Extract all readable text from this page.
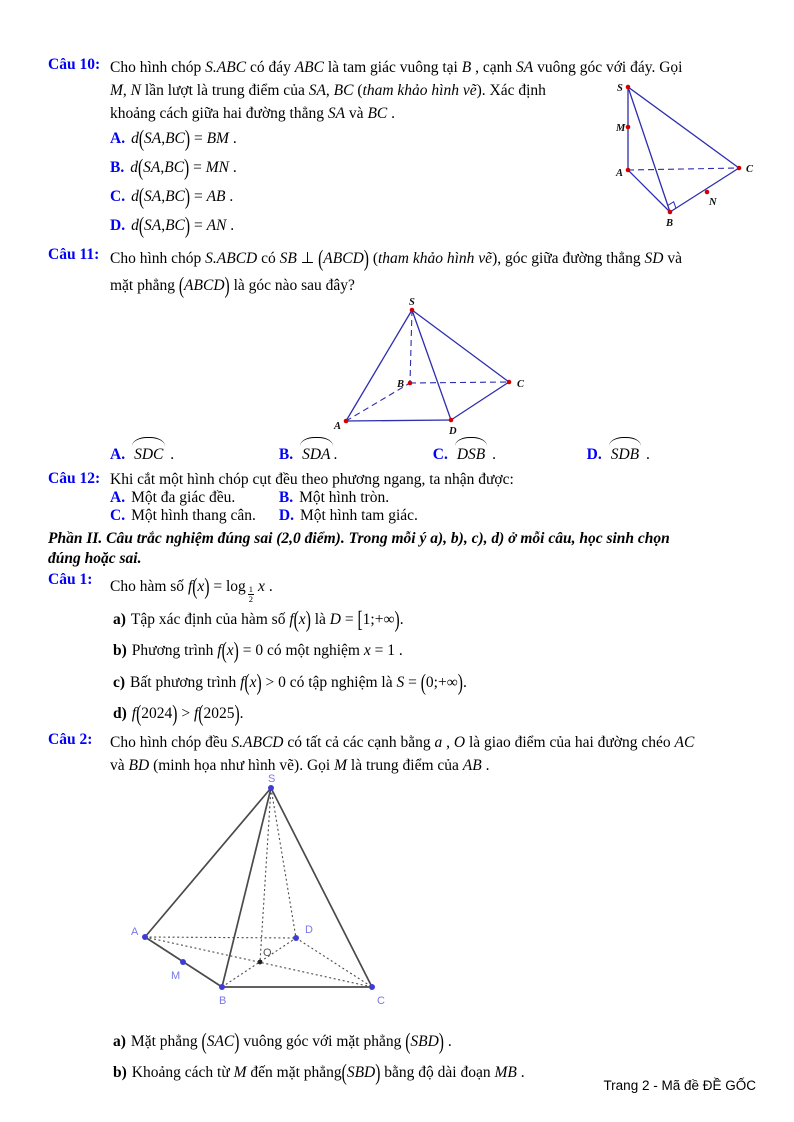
Câu 10: Cho hình chóp S.ABC có đáy ABC là tam giác vuông tại B , cạnh SA vuông góc với đáy. Gọi
M, N lần lượt là trung điểm của SA, BC (tham khảo hình vẽ). Xác định
khoảng cách giữa hai đường thẳng SA và BC .
A. d(SA,BC) = BM .
B. d(SA,BC) = MN .
C. d(SA,BC) = AB .
D. d(SA,BC) = AN .
Câu 11: Cho hình chóp S.ABCD có SB ⊥ (ABCD) (tham khảo hình vẽ), góc giữa đường thẳng SD và
mặt phẳng (ABCD) là góc nào sau đây?
S
B
A	D
C
A. SDC .	B. SDA .	C. DSB .	D. SDB .
Câu 12: Khi cắt một hình chóp cụt đều theo phương ngang, ta nhận được:
A. Một đa giác đều.	B. Một hình tròn.
C. Một hình thang cân. D. Một hình tam giác.
Phần II. Câu trắc nghiệm đúng sai (2,0 điểm). Trong mỗi ý a), b), c), d) ở mỗi câu, học sinh chọn
đúng hoặc sai.
Câu 1: Cho hàm số $f(x) = \log \frac{1}{2}$ x .
a) Tập xác định của hàm số f(x) là D = [1;+∞).
b) Phương trình f(x) = 0 có một nghiệm x = 1 .
c) Bất phương trình f(x) > 0 có tập nghiệm là S = (0;+∞).
d) f(2024) > f(2025).
Câu 2: Cho hình chóp đều S.ABCD có tất cả các cạnh bằng a , O là giao điểm của hai đường chéo AC
và BD (minh họa như hình vẽ). Gọi M là trung điểm của AB .
S
A	D
O
M
B	C
a) Mặt phẳng (SAC) vuông góc với mặt phẳng (SBD) .
b) Khoảng cách từ M đến mặt phẳng(SBD) bằng độ dài đoạn MB .
S
M
A	C
N
B
Trang 2 - Mã đề ĐỀ GỐC
